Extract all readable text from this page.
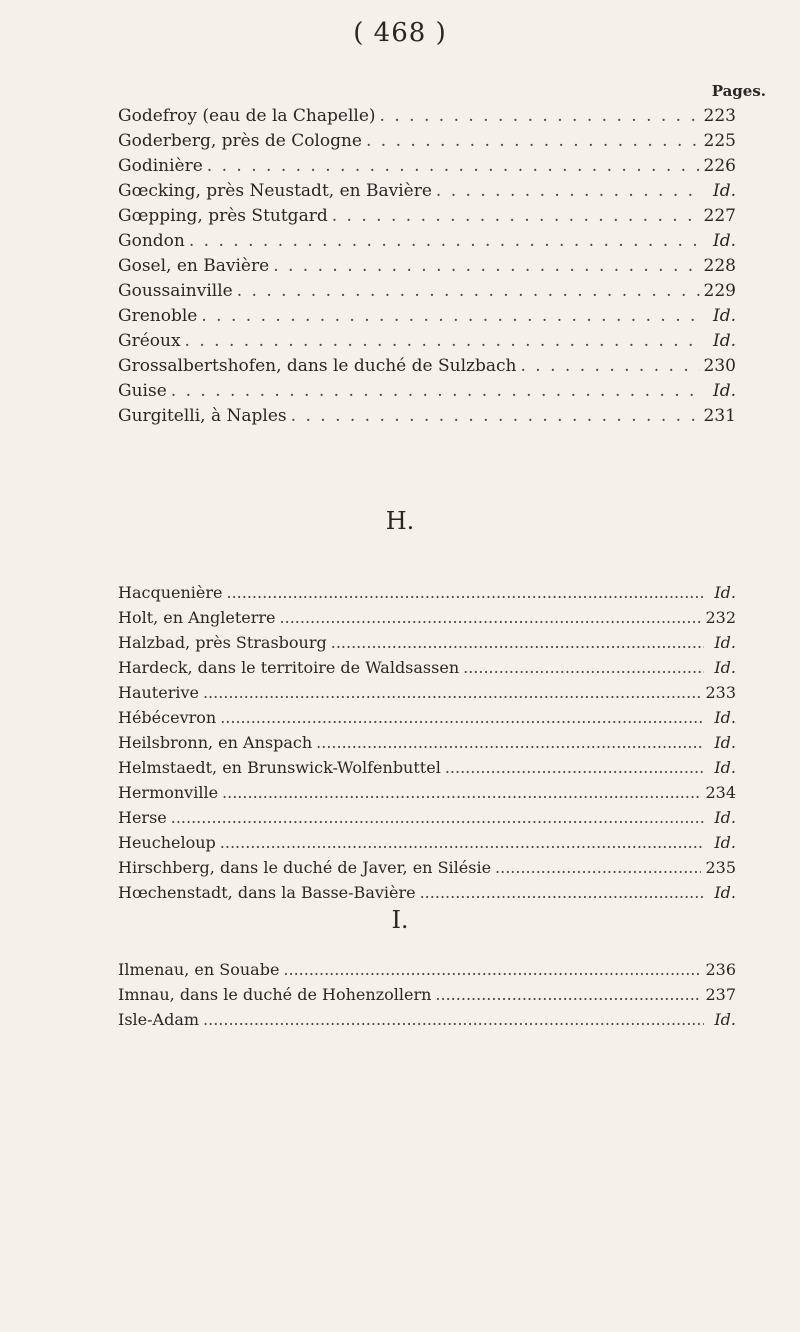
( 468 )
Pages.
Godefroy (eau de la Chapelle) . . .	223
Goderberg, près de Cologne . . .	225
Godinière . . .	226
Gœcking, près Neustadt, en Bavière . . .	Id.
Gœpping, près Stutgard . . .	227
Gondon . . .	Id.
Gosel, en Bavière . . .	228
Goussainville . . .	229
Grenoble . . .	Id.
Gréoux . . .	Id.
Grossalbertshofen, dans le duché de Sulzbach . . .	230
Guise . . .	Id.
Gurgitelli, à Naples . . .	231
H.
Hacquenière .....	Id.
Holt, en Angleterre .....	232
Halzbad, près Strasbourg .....	Id.
Hardeck, dans le territoire de Waldsassen .....	Id.
Hauterive .....	233
Hébécevron .....	Id.
Heilsbronn, en Anspach .....	Id.
Helmstaedt, en Brunswick-Wolfenbuttel .....	Id.
Hermonville .....	234
Herse .....	Id.
Heucheloup .....	Id.
Hirschberg, dans le duché de Javer, en Silésie .....	235
Hœchenstadt, dans la Basse-Bavière .....	Id.
I.
Ilmenau, en Souabe .....	236
Imnau, dans le duché de Hohenzollern .....	237
Isle-Adam .....	Id.
